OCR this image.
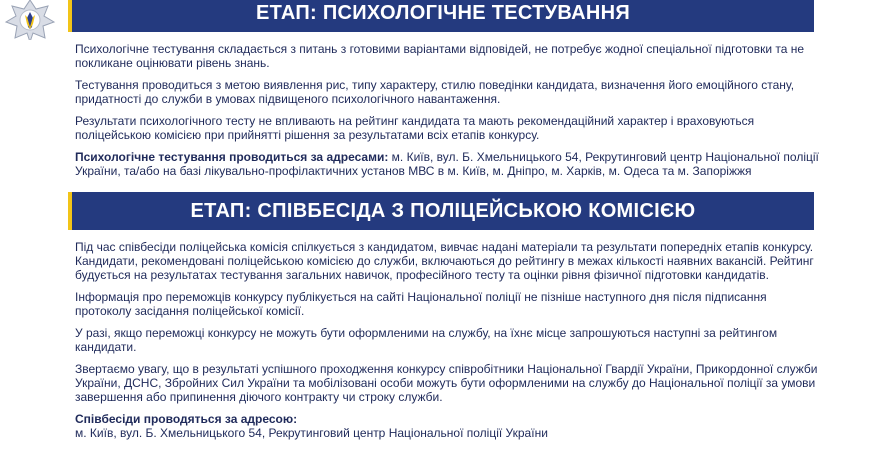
ЕТАП: ПСИХОЛОГІЧНЕ ТЕСТУВАННЯ

Психологічне тестування складається з питань з готовими варіантами відповідей, не потребує жодної спеціальної підготовки та не покликане оцінювати рівень знань.

Тестування проводиться з метою виявлення рис, типу характеру, стилю поведінки кандидата, визначення його емоційного стану, придатності до служби в умовах підвищеного психологічного навантаження.

Результати психологічного тесту не впливають на рейтинг кандидата та мають рекомендаційний характер і враховуються поліцейською комісією при прийнятті рішення за результатами всіх етапів конкурсу.

Психологічне тестування проводиться за адресами: м. Київ, вул. Б. Хмельницького 54, Рекрутинговий центр Національної поліції України, та/або на базі лікувально-профілактичних установ МВС в м. Київ, м. Дніпро, м. Харків, м. Одеса та м. Запоріжжя

ЕТАП: СПІВБЕСІДА З ПОЛІЦЕЙСЬКОЮ КОМІСІЄЮ

Під час співбесіди поліцейська комісія спілкується з кандидатом, вивчає надані матеріали та результати попередніх етапів конкурсу.

Кандидати, рекомендовані поліцейською комісією до служби, включаються до рейтингу в межах кількості наявних вакансій. Рейтинг будується на результатах тестування загальних навичок, професійного тесту та оцінки рівня фізичної підготовки кандидатів.

Інформація про переможців конкурсу публікується на сайті Національної поліції не пізніше наступного дня після підписання протоколу засідання поліцейської комісії.

У разі, якщо переможці конкурсу не можуть бути оформленими на службу, на їхнє місце запрошуються наступні за рейтингом кандидати.

Звертаємо увагу, що в результаті успішного проходження конкурсу співробітники Національної Гвардії України, Прикордонної служби України, ДСНС, Збройних Сил України та мобілізовані особи можуть бути оформленими на службу до Національної поліції за умови завершення або припинення діючого контракту чи строку служби.

Співбесіди проводяться за адресою:
м. Київ, вул. Б. Хмельницького 54, Рекрутинговий центр Національної поліції України
